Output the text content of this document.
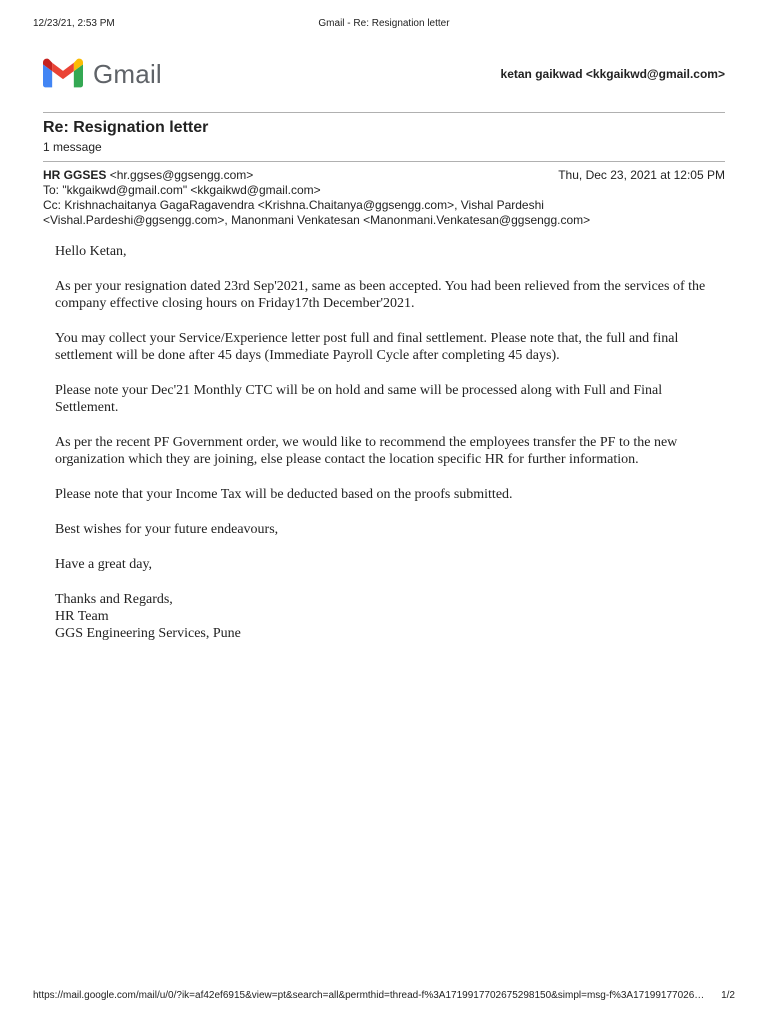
12/23/21, 2:53 PM	Gmail - Re: Resignation letter
Gmail	ketan gaikwad <kkgaikwd@gmail.com>
Re: Resignation letter
1 message
HR GGSES <hr.ggses@ggsengg.com>	Thu, Dec 23, 2021 at 12:05 PM
To: "kkgaikwd@gmail.com" <kkgaikwd@gmail.com>
Cc: Krishnachaitanya GagaRagavendra <Krishna.Chaitanya@ggsengg.com>, Vishal Pardeshi
<Vishal.Pardeshi@ggsengg.com>, Manonmani Venkatesan <Manonmani.Venkatesan@ggsengg.com>

Hello Ketan,

As per your resignation dated 23rd Sep'2021, same as been accepted. You had been relieved from the services of the company effective closing hours on Friday17th December'2021.

You may collect your Service/Experience letter post full and final settlement. Please note that, the full and final settlement will be done after 45 days (Immediate Payroll Cycle after completing 45 days).

Please note your Dec'21 Monthly CTC will be on hold and same will be processed along with Full and Final Settlement.

As per the recent PF Government order, we would like to recommend the employees transfer the PF to the new organization which they are joining, else please contact the location specific HR for further information.

Please note that your Income Tax will be deducted based on the proofs submitted.

Best wishes for your future endeavours,

Have a great day,

Thanks and Regards,
HR Team
GGS Engineering Services, Pune

https://mail.google.com/mail/u/0/?ik=af42ef6915&view=pt&search=all&permthid=thread-f%3A1719917702675298150&simpl=msg-f%3A17199177026…	1/2
